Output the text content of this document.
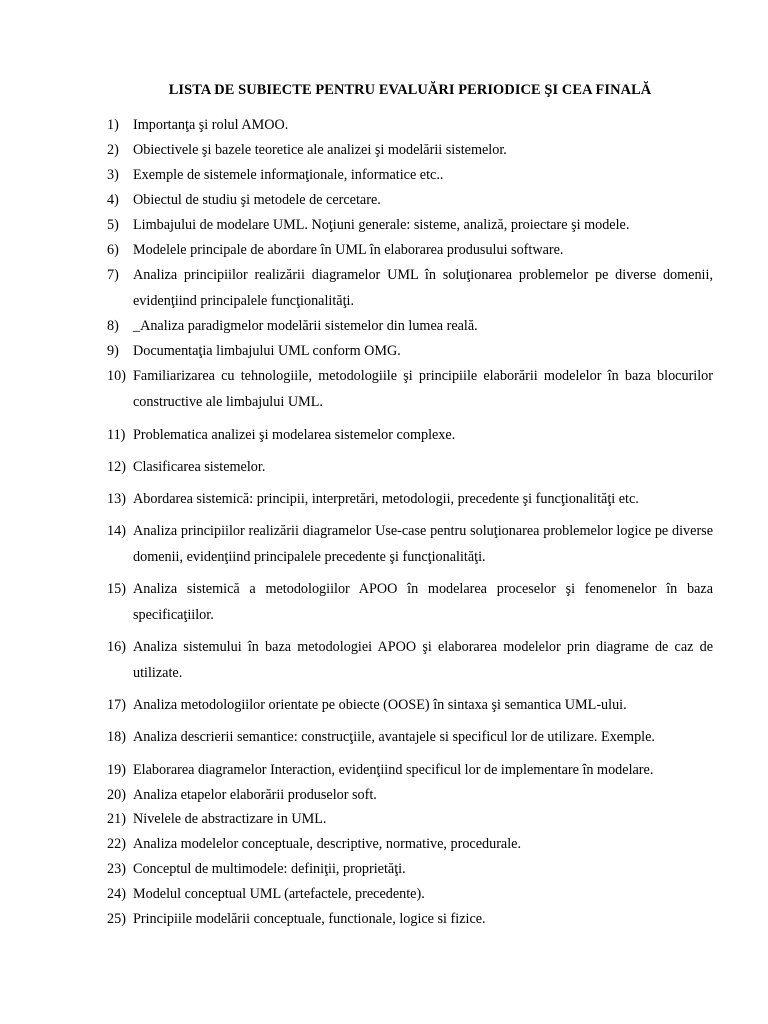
LISTA DE SUBIECTE PENTRU EVALUĂRI PERIODICE ŞI CEA FINALĂ
1) Importanţa şi rolul AMOO.
2) Obiectivele şi bazele teoretice ale analizei şi modelării sistemelor.
3) Exemple de sistemele informaţionale, informatice etc..
4) Obiectul de studiu şi metodele de cercetare.
5) Limbajului de modelare UML. Noţiuni generale: sisteme, analiză, proiectare şi modele.
6) Modelele principale de abordare în UML în elaborarea produsului software.
7) Analiza principiilor realizării diagramelor UML în soluţionarea problemelor pe diverse domenii, evidenţiind principalele funcţionalităţi.
8) _Analiza paradigmelor modelării sistemelor din lumea reală.
9) Documentaţia limbajului UML conform OMG.
10) Familiarizarea cu tehnologiile, metodologiile şi principiile elaborării modelelor în baza blocurilor constructive ale limbajului UML.
11) Problematica analizei şi modelarea sistemelor complexe.
12) Clasificarea sistemelor.
13) Abordarea sistemică: principii, interpretări, metodologii, precedente şi funcţionalităţi etc.
14) Analiza principiilor realizării diagramelor Use-case pentru soluţionarea problemelor logice pe diverse domenii, evidenţiind principalele precedente şi funcţionalităţi.
15) Analiza sistemică a metodologiilor APOO în modelarea proceselor şi fenomenelor în baza specificaţiilor.
16) Analiza sistemului în baza metodologiei APOO şi elaborarea modelelor prin diagrame de caz de utilizate.
17) Analiza metodologiilor orientate pe obiecte (OOSE) în sintaxa şi semantica UML-ului.
18) Analiza descrierii semantice: construcţiile, avantajele si specificul lor de utilizare. Exemple.
19) Elaborarea diagramelor Interaction, evidenţiind specificul lor de implementare în modelare.
20) Analiza etapelor elaborării produselor soft.
21) Nivelele de abstractizare in UML.
22) Analiza modelelor conceptuale, descriptive, normative, procedurale.
23) Conceptul de multimodele: definiţii, proprietăţi.
24) Modelul conceptual UML (artefactele, precedente).
25) Principiile modelării conceptuale, functionale, logice si fizice.
